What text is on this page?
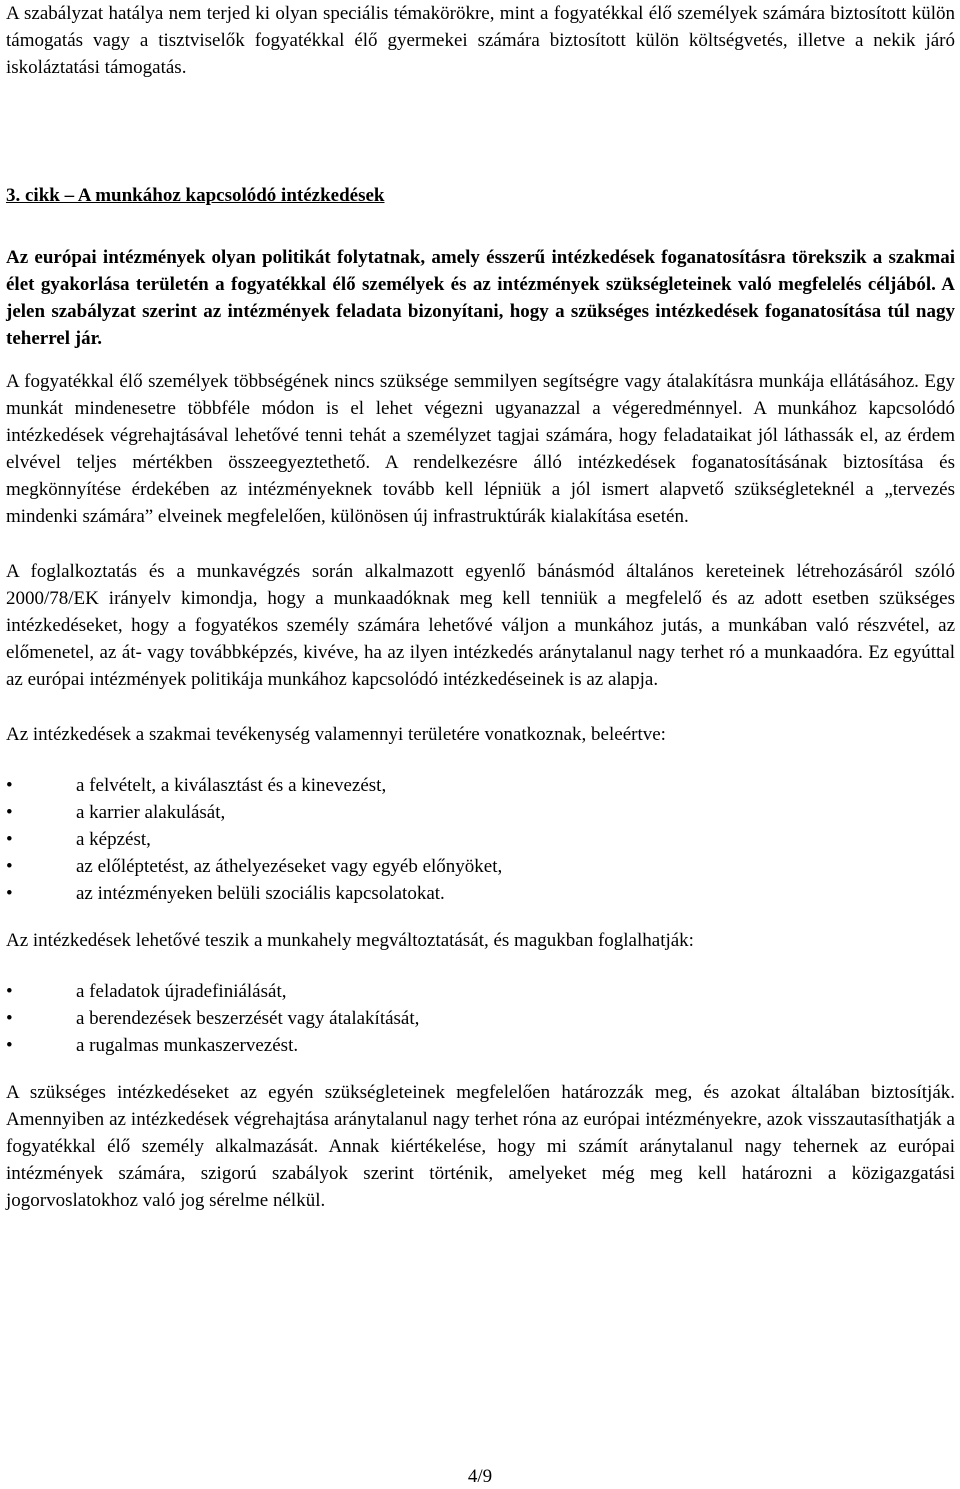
A szabályzat hatálya nem terjed ki olyan speciális témakörökre, mint a fogyatékkal élő személyek számára biztosított külön támogatás vagy a tisztviselők fogyatékkal élő gyermekei számára biztosított külön költségvetés, illetve a nekik járó iskoláztatási támogatás.

3. cikk – A munkához kapcsolódó intézkedések

Az európai intézmények olyan politikát folytatnak, amely ésszerű intézkedések foganatosításra törekszik a szakmai élet gyakorlása területén a fogyatékkal élő személyek és az intézmények szükségleteinek való megfelelés céljából. A jelen szabályzat szerint az intézmények feladata bizonyítani, hogy a szükséges intézkedések foganatosítása túl nagy teherrel jár.

A fogyatékkal élő személyek többségének nincs szüksége semmilyen segítségre vagy átalakításra munkája ellátásához. Egy munkát mindenesetre többféle módon is el lehet végezni ugyanazzal a végeredménnyel. A munkához kapcsolódó intézkedések végrehajtásával lehetővé tenni tehát a személyzet tagjai számára, hogy feladataikat jól láthassák el, az érdem elvével teljes mértékben összeegyeztethető. A rendelkezésre álló intézkedések foganatosításának biztosítása és megkönnyítése érdekében az intézményeknek tovább kell lépniük a jól ismert alapvető szükségleteknél a „tervezés mindenki számára” elveinek megfelelően, különösen új infrastruktúrák kialakítása esetén.

A foglalkoztatás és a munkavégzés során alkalmazott egyenlő bánásmód általános kereteinek létrehozásáról szóló 2000/78/EK irányelv kimondja, hogy a munkaadóknak meg kell tenniük a megfelelő és az adott esetben szükséges intézkedéseket, hogy a fogyatékos személy számára lehetővé váljon a munkához jutás, a munkában való részvétel, az előmenetel, az át- vagy továbbképzés, kivéve, ha az ilyen intézkedés aránytalanul nagy terhet ró a munkaadóra. Ez egyúttal az európai intézmények politikája munkához kapcsolódó intézkedéseinek is az alapja.

Az intézkedések a szakmai tevékenység valamennyi területére vonatkoznak, beleértve:

•	a felvételt, a kiválasztást és a kinevezést,
•	a karrier alakulását,
•	a képzést,
•	az előléptetést, az áthelyezéseket vagy egyéb előnyöket,
•	az intézményeken belüli szociális kapcsolatokat.

Az intézkedések lehetővé teszik a munkahely megváltoztatását, és magukban foglalhatják:

•	a feladatok újradefiniálását,
•	a berendezések beszerzését vagy átalakítását,
•	a rugalmas munkaszervezést.

A szükséges intézkedéseket az egyén szükségleteinek megfelelően határozzák meg, és azokat általában biztosítják. Amennyiben az intézkedések végrehajtása aránytalanul nagy terhet róna az európai intézményekre, azok visszautasíthatják a fogyatékkal élő személy alkalmazását. Annak kiértékelése, hogy mi számít aránytalanul nagy tehernek az európai intézmények számára, szigorú szabályok szerint történik, amelyeket még meg kell határozni a közigazgatási jogorvoslatokhoz való jog sérelme nélkül.

4/9
